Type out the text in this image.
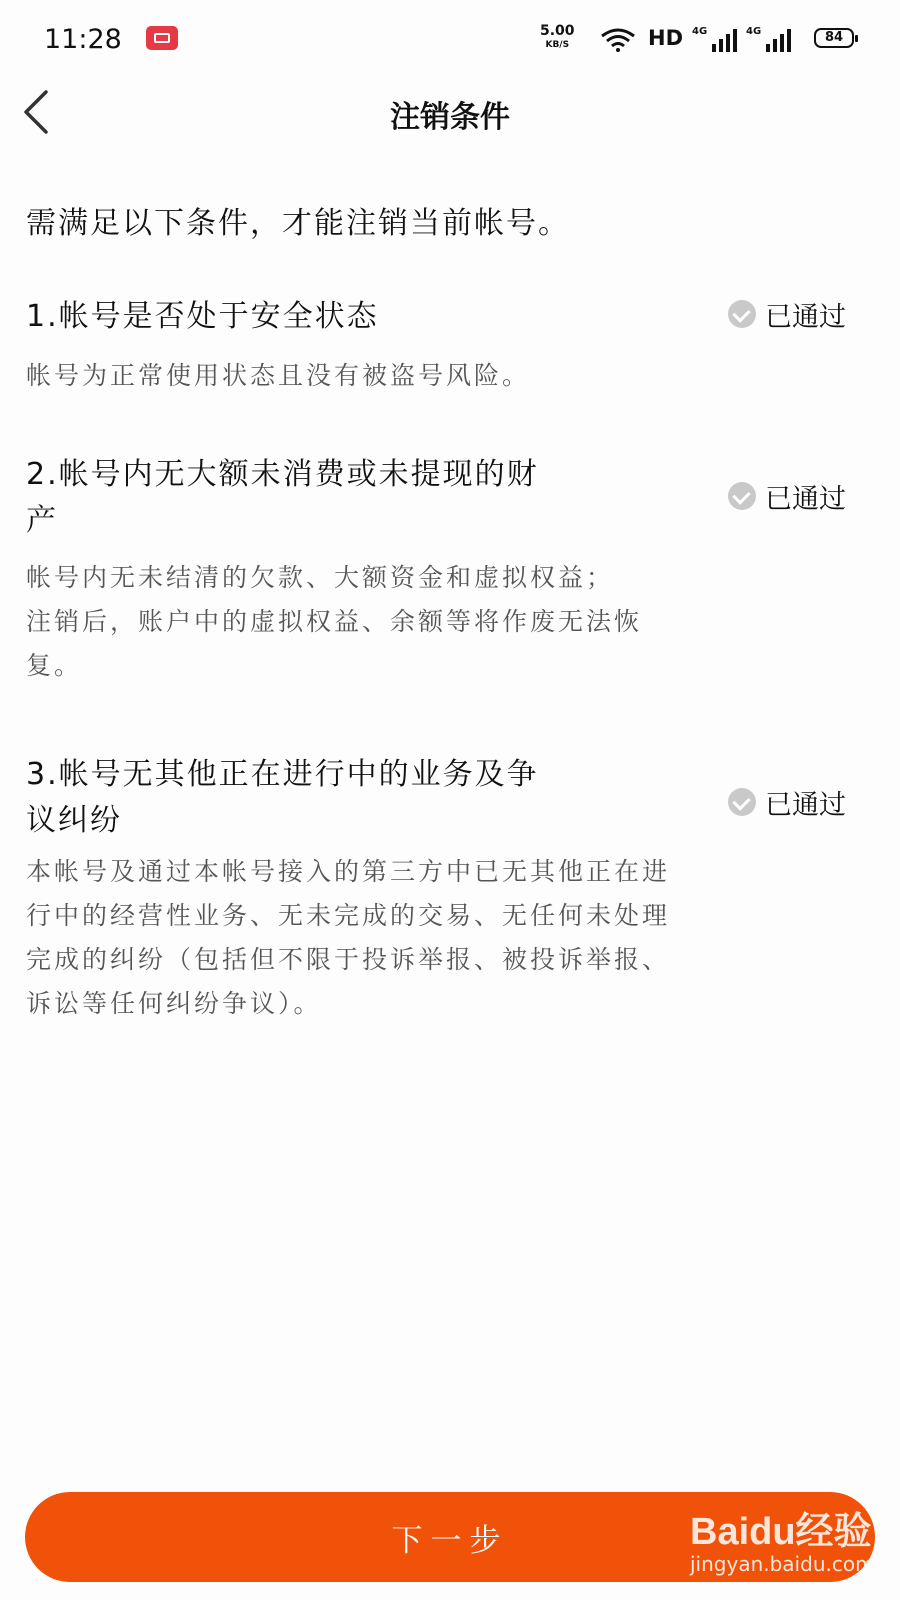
11:28	5.00
KB/S	HD 4G	4G	84
注销条件
需满足以下条件，才能注销当前帐号。
1.帐号是否处于安全状态	已通过
帐号为正常使用状态且没有被盗号风险。
2.帐号内无大额未消费或未提现的财
产
已通过
帐号内无未结清的欠款、大额资金和虚拟权益；
注销后，账户中的虚拟权益、余额等将作废无法恢
复。
3.帐号无其他正在进行中的业务及争
议纠纷	已通过
本帐号及通过本帐号接入的第三方中已无其他正在进
行中的经营性业务、无未完成的交易、无任何未处理
完成的纠纷（包括但不限于投诉举报、被投诉举报、
诉讼等任何纠纷争议）。
下一步	Baidu经验
jingyan.baidu.com
